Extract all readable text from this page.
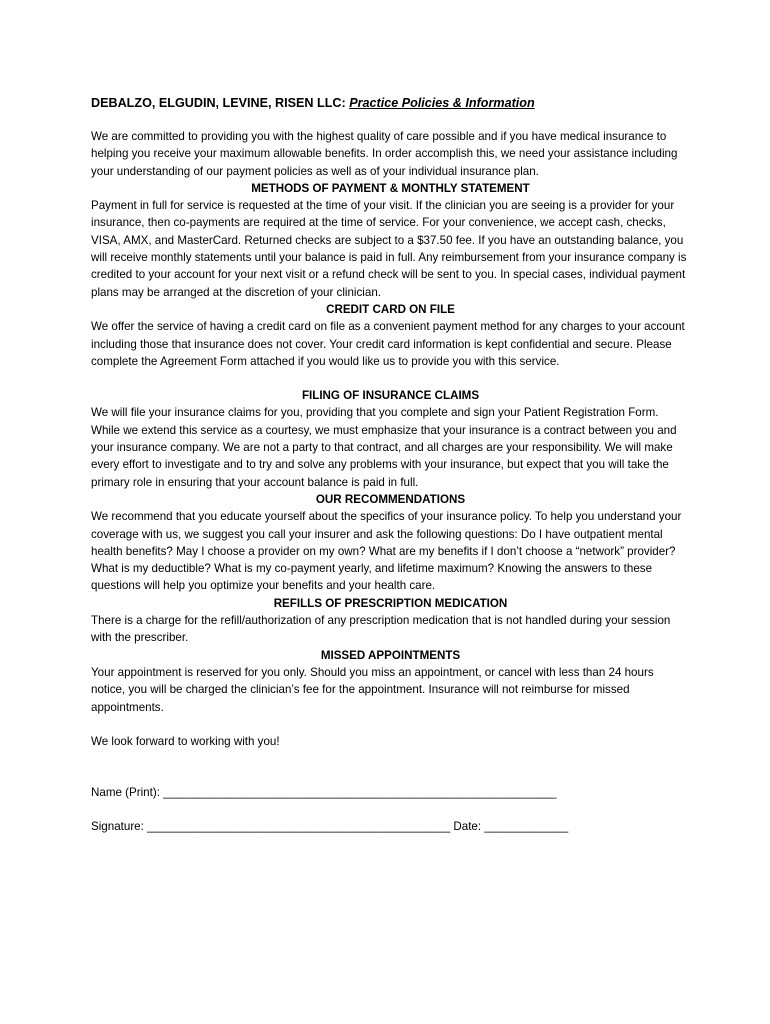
DEBALZO, ELGUDIN, LEVINE, RISEN LLC: Practice Policies & Information

We are committed to providing you with the highest quality of care possible and if you have medical insurance to helping you receive your maximum allowable benefits. In order accomplish this, we need your assistance including your understanding of our payment policies as well as of your individual insurance plan.

METHODS OF PAYMENT & MONTHLY STATEMENT

Payment in full for service is requested at the time of your visit. If the clinician you are seeing is a provider for your insurance, then co-payments are required at the time of service. For your convenience, we accept cash, checks, VISA, AMX, and MasterCard. Returned checks are subject to a $37.50 fee. If you have an outstanding balance, you will receive monthly statements until your balance is paid in full. Any reimbursement from your insurance company is credited to your account for your next visit or a refund check will be sent to you. In special cases, individual payment plans may be arranged at the discretion of your clinician.

CREDIT CARD ON FILE

We offer the service of having a credit card on file as a convenient payment method for any charges to your account including those that insurance does not cover. Your credit card information is kept confidential and secure. Please complete the Agreement Form attached if you would like us to provide you with this service.

FILING OF INSURANCE CLAIMS

We will file your insurance claims for you, providing that you complete and sign your Patient Registration Form. While we extend this service as a courtesy, we must emphasize that your insurance is a contract between you and your insurance company. We are not a party to that contract, and all charges are your responsibility. We will make every effort to investigate and to try and solve any problems with your insurance, but expect that you will take the primary role in ensuring that your account balance is paid in full.

OUR RECOMMENDATIONS

We recommend that you educate yourself about the specifics of your insurance policy. To help you understand your coverage with us, we suggest you call your insurer and ask the following questions: Do I have outpatient mental health benefits? May I choose a provider on my own? What are my benefits if I don’t choose a “network” provider? What is my deductible? What is my co-payment yearly, and lifetime maximum? Knowing the answers to these questions will help you optimize your benefits and your health care.

REFILLS OF PRESCRIPTION MEDICATION

There is a charge for the refill/authorization of any prescription medication that is not handled during your session with the prescriber.

MISSED APPOINTMENTS

Your appointment is reserved for you only. Should you miss an appointment, or cancel with less than 24 hours notice, you will be charged the clinician’s fee for the appointment. Insurance will not reimburse for missed appointments.

We look forward to working with you!

Name (Print): _____________________________________________________________

Signature: _______________________________________________ Date: _____________
